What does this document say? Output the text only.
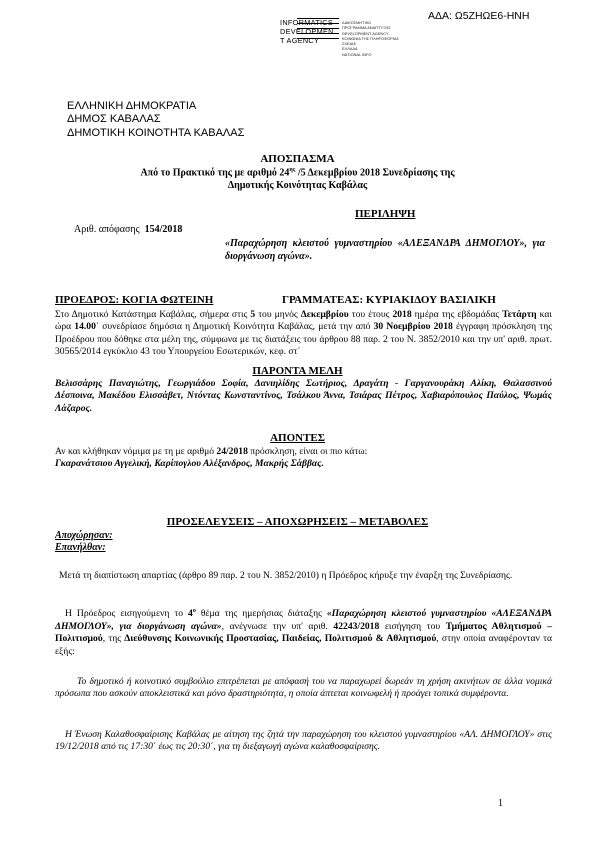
ΑΔΑ: Ω5ΖΗΩΕ6-ΗΝΗ
INFORMATICS
DEVELOPMEN
T AGENCY
ΔΙΑΚΟΣΜΗΤΙΚΟ
ΠΡΟΓΡΑΜΜΑ ΑΝΑΠΤΥΞΗΣ
DEVELOPMENT AGENCY
ΚΟΙΝΩΝΙΑ ΤΗΣ ΠΛΗΡΟΦΟΡΙΑΣ
ΣΧΕΔΙΑ
ΕΛΛΑΔΑ
NATIONAL INFO
ΕΛΛΗΝΙΚΗ ΔΗΜΟΚΡΑΤΙΑ
ΔΗΜΟΣ ΚΑΒΑΛΑΣ
ΔΗΜΟΤΙΚΗ ΚΟΙΝΟΤΗΤΑ ΚΑΒΑΛΑΣ
ΑΠΟΣΠΑΣΜΑ
Από το Πρακτικό της με αριθμό $24^{\eta\varsigma}$ /5 Δεκεμβρίου 2018 Συνεδρίασης της
Δημοτικής Κοινότητας Καβάλας
ΠΕΡΙΛΗΨΗ
Αριθ. απόφασης 154/2018
«Παραχώρηση κλειστού γυμναστηρίου «ΑΛΕΞΑΝΔΡΑ ΔΗΜΟΓΛΟΥ», για διοργάνωση αγώνα».
ΠΡΟΕΔΡΟΣ: ΚΟΓΙΑ ΦΩΤΕΙΝΗ	ΓΡΑΜΜΑΤΕΑΣ: ΚΥΡΙΑΚΙΔΟΥ ΒΑΣΙΛΙΚΗ
Στο Δημοτικό Κατάστημα Καβάλας, σήμερα στις 5 του μηνός Δεκεμβρίου του έτους 2018 ημέρα της εβδομάδας Τετάρτη και ώρα 14.00΄ συνεδρίασε δημόσια η Δημοτική Κοινότητα Καβάλας, μετά την από 30 Νοεμβρίου 2018 έγγραφη πρόσκληση της Προέδρου που δόθηκε στα μέλη της, σύμφωνα με τις διατάξεις του άρθρου 88 παρ. 2 του Ν. 3852/2010 και την υπ' αριθ. πρωτ. 30565/2014 εγκύκλιο 43 του Υπουργείου Εσωτερικών, κεφ. στ΄
ΠΑΡΟΝΤΑ ΜΕΛΗ
Βελισσάρης Παναγιώτης, Γεωργιάδου Σοφία, Δανιηλίδης Σωτήριος, Δραγάτη - Γαργανουράκη Αλίκη, Θαλασσινού Δέσποινα, Μακέδου Ελισσάβετ, Ντόντας Κωνσταντίνος, Τσάλκου Άννα, Τσιάρας Πέτρος, Χαβιαρόπουλος Παύλος, Ψωμάς Λάζαρος.
ΑΠΟΝΤΕΣ
Αν και κλήθηκαν νόμιμα με τη με αριθμό 24/2018 πρόσκληση, είναι οι πιο κάτω:
Γκαρανάτσιου Αγγελική, Καρίπογλου Αλέξανδρος, Μακρής Σάββας.
ΠΡΟΣΕΛΕΥΣΕΙΣ – ΑΠΟΧΩΡΗΣΕΙΣ – ΜΕΤΑΒΟΛΕΣ
Αποχώρησαν:
Επανήλθαν:
Μετά τη διαπίστωση απαρτίας (άρθρο 89 παρ. 2 του Ν. 3852/2010) η Πρόεδρος κήρυξε την έναρξη της Συνεδρίασης.
Η Πρόεδρος εισηγούμενη το $4^o$ θέμα της ημερήσιας διάταξης «Παραχώρηση κλειστού γυμναστηρίου «ΑΛΕΞΑΝΔΡΑ ΔΗΜΟΓΛΟΥ», για διοργάνωση αγώνα», ανέγνωσε την υπ' αριθ. 42243/2018 εισήγηση του Τμήματος Αθλητισμού – Πολιτισμού, της Διεύθυνσης Κοινωνικής Προστασίας, Παιδείας, Πολιτισμού & Αθλητισμού, στην οποία αναφέρονταν τα εξής:
Το δημοτικό ή κοινοτικό συμβούλιο επιτρέπεται με απόφασή του να παραχωρεί δωρεάν τη χρήση ακινήτων σε άλλα νομικά πρόσωπα που ασκούν αποκλειστικά και μόνο δραστηριότητα, η οποία άπτεται κοινωφελή ή προάγει τοπικά συμφέροντα.
Η Ένωση Καλαθοσφαίρισης Καβάλας με αίτηση της ζητά την παραχώρηση του κλειστού γυμναστηρίου «ΑΛ. ΔΗΜΟΓΛΟΥ» στις 19/12/2018 από τις 17:30΄ έως τις 20:30΄, για τη διεξαγωγή αγώνα καλαθοσφαίρισης.
1
